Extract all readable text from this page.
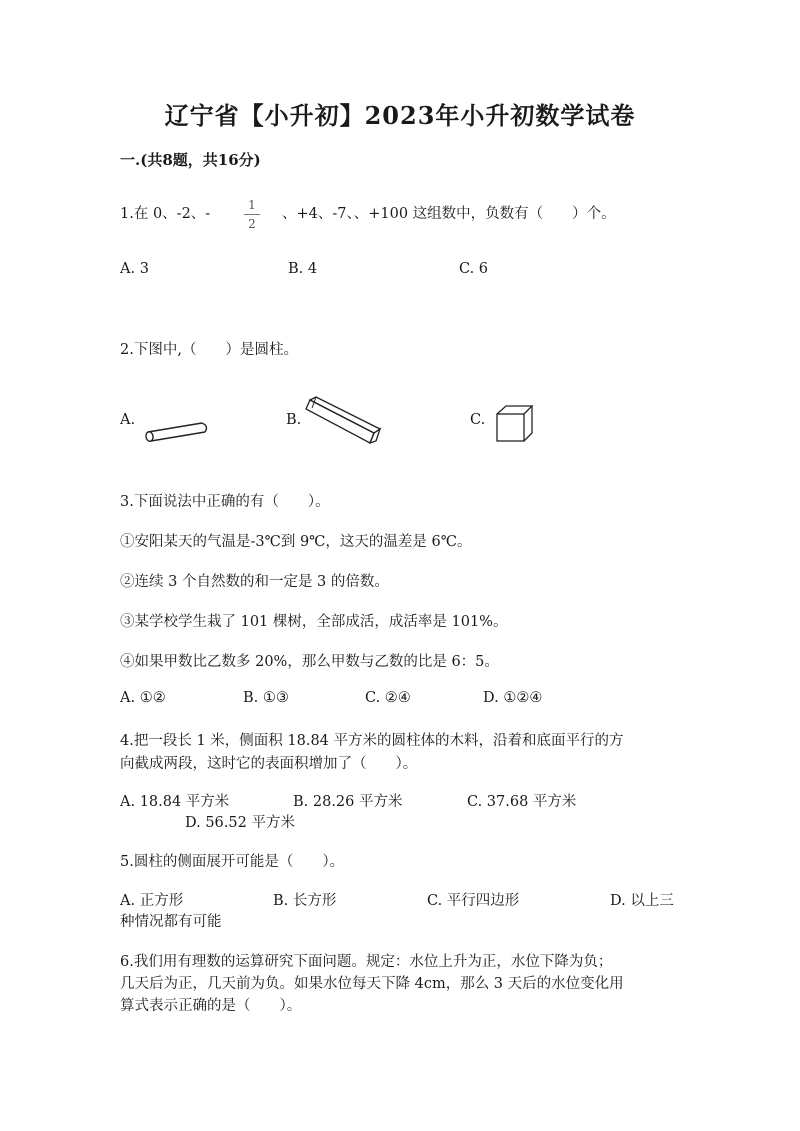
辽宁省【小升初】2023年小升初数学试卷
一.(共8题，共16分)
1.在 0、-2、-
1
2
、+4、-7、、+100 这组数中，负数有（　　）个。
A. 3	B. 4	C. 6
2.下图中,（　　）是圆柱。
A.	B.	C.
3.下面说法中正确的有（　　）。
①安阳某天的气温是-3℃到 9℃，这天的温差是 6℃。
②连续 3 个自然数的和一定是 3 的倍数。
③某学校学生栽了 101 棵树，全部成活，成活率是 101%。
④如果甲数比乙数多 20%，那么甲数与乙数的比是 6：5。
A. ①②	B. ①③	C. ②④	D. ①②④
4.把一段长 1 米，侧面积 18.84 平方米的圆柱体的木料，沿着和底面平行的方
向截成两段，这时它的表面积增加了（　　）。
A. 18.84 平方米	B. 28.26 平方米	C. 37.68 平方米
D. 56.52 平方米
5.圆柱的侧面展开可能是（　　）。
A. 正方形	B. 长方形	C. 平行四边形	D. 以上三
种情况都有可能
6.我们用有理数的运算研究下面问题。规定：水位上升为正，水位下降为负；
几天后为正，几天前为负。如果水位每天下降 4cm，那么 3 天后的水位变化用
算式表示正确的是（　　）。
